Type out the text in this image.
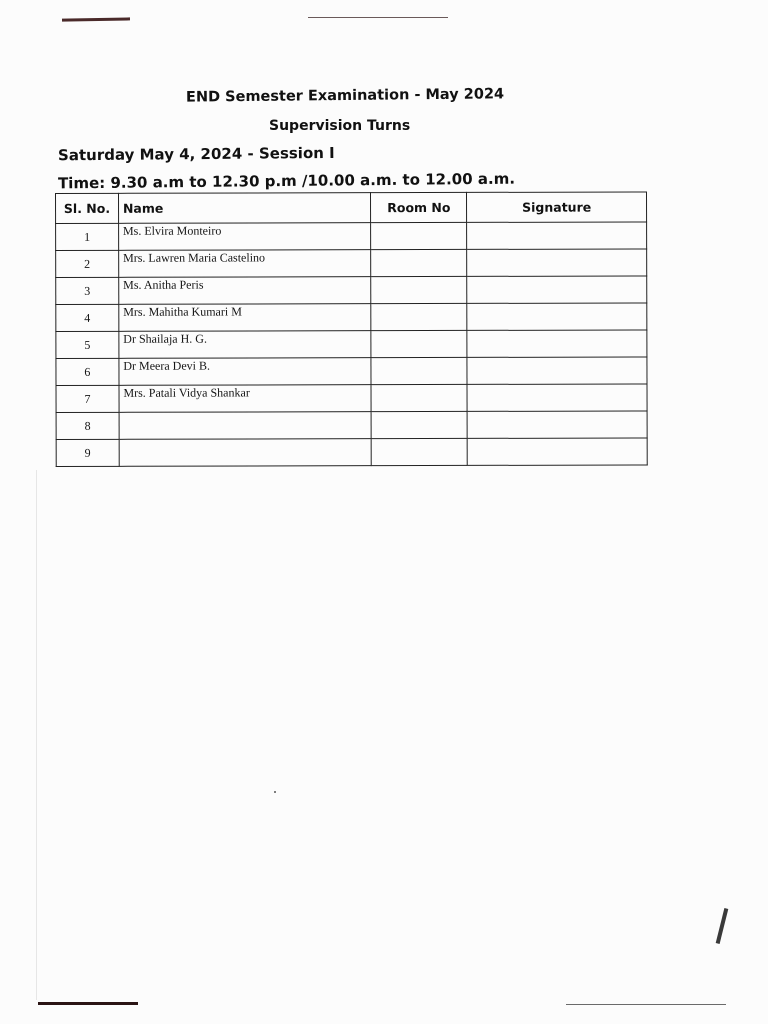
END Semester Examination - May 2024
Supervision Turns
Saturday May 4, 2024 - Session I
Time: 9.30 a.m to 12.30 p.m /10.00 a.m. to 12.00 a.m.
Sl. No.	Name	Room No	Signature
1	Ms. Elvira Monteiro		
2	Mrs. Lawren Maria Castelino		
3	Ms. Anitha Peris		
4	Mrs. Mahitha Kumari M		
5	Dr Shailaja H. G.		
6	Dr Meera Devi B.		
7	Mrs. Patali Vidya Shankar		
8			
9			
